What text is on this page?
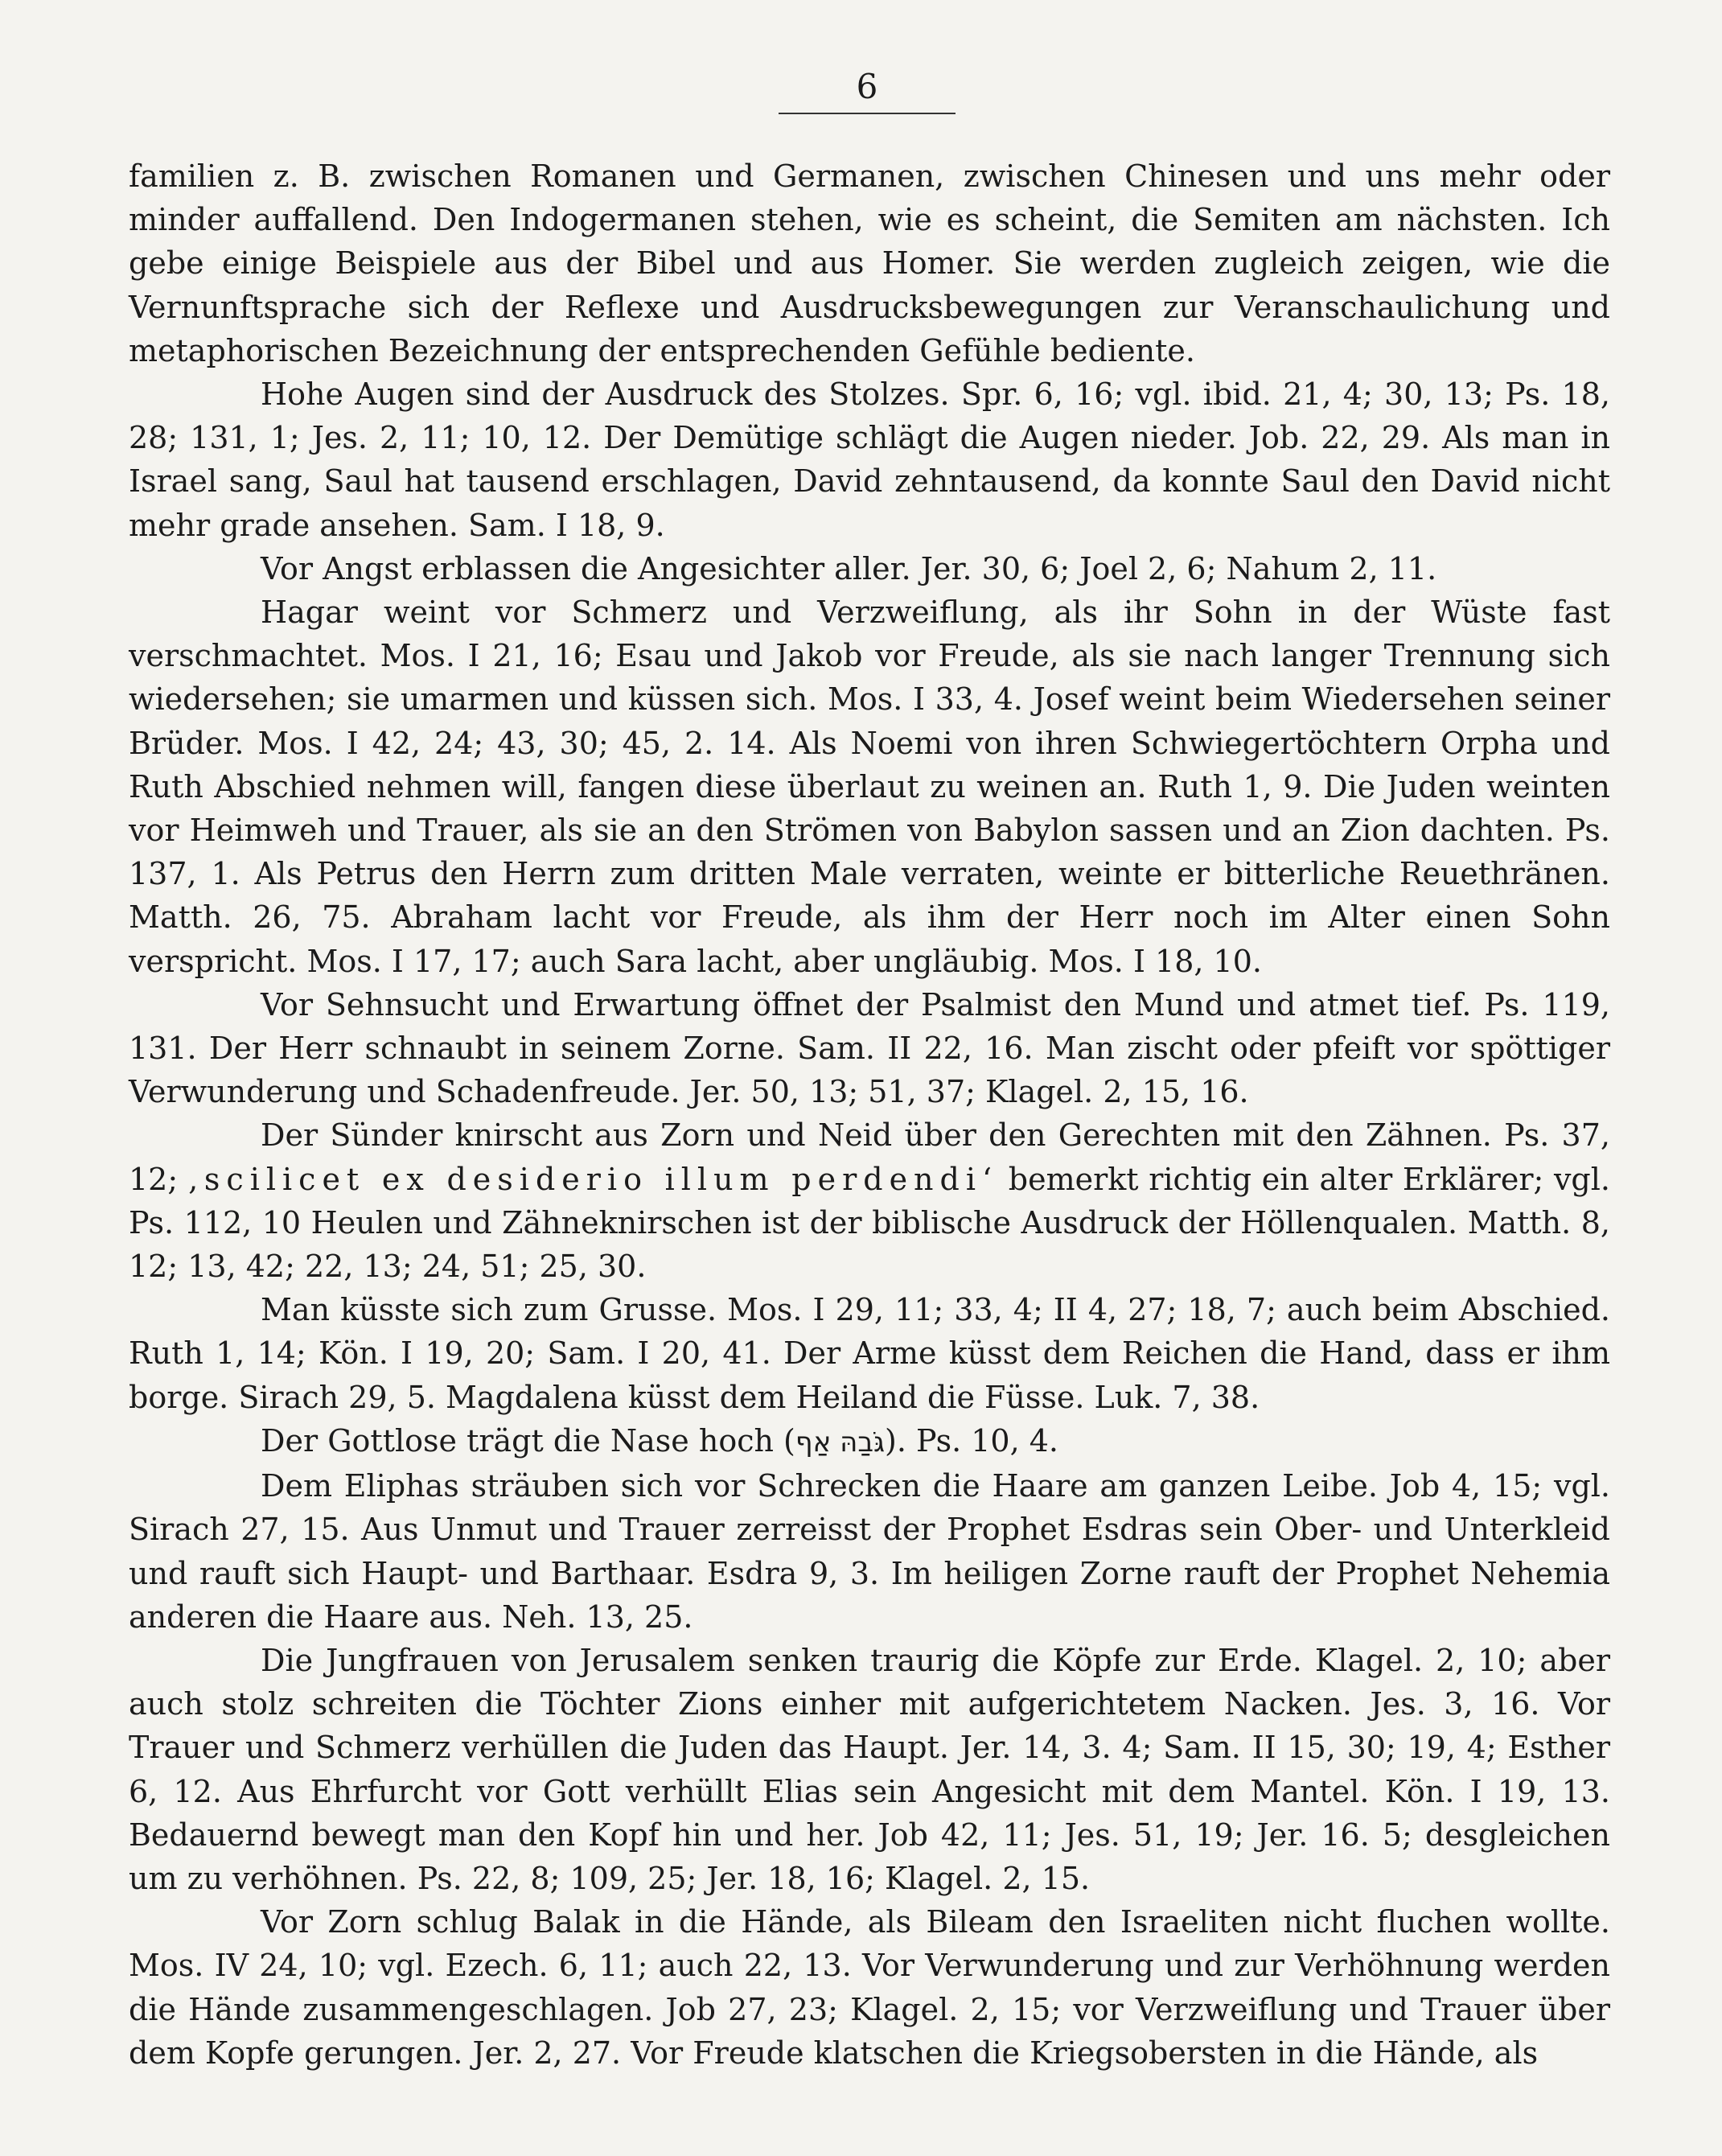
6

familien z. B. zwischen Romanen und Germanen, zwischen Chinesen und uns mehr oder minder auffallend. Den Indogermanen stehen, wie es scheint, die Semiten am nächsten. Ich gebe einige Beispiele aus der Bibel und aus Homer. Sie werden zugleich zeigen, wie die Vernunftsprache sich der Reflexe und Ausdrucksbewegungen zur Veranschaulichung und metaphorischen Bezeichnung der entsprechenden Gefühle bediente.

Hohe Augen sind der Ausdruck des Stolzes. Spr. 6, 16; vgl. ibid. 21, 4; 30, 13; Ps. 18, 28; 131, 1; Jes. 2, 11; 10, 12. Der Demütige schlägt die Augen nieder. Job. 22, 29. Als man in Israel sang, Saul hat tausend erschlagen, David zehntausend, da konnte Saul den David nicht mehr grade ansehen. Sam. I 18, 9.

Vor Angst erblassen die Angesichter aller. Jer. 30, 6; Joel 2, 6; Nahum 2, 11.

Hagar weint vor Schmerz und Verzweiflung, als ihr Sohn in der Wüste fast verschmachtet. Mos. I 21, 16; Esau und Jakob vor Freude, als sie nach langer Trennung sich wiedersehen; sie umarmen und küssen sich. Mos. I 33, 4. Josef weint beim Wiedersehen seiner Brüder. Mos. I 42, 24; 43, 30; 45, 2. 14. Als Noemi von ihren Schwiegertöchtern Orpha und Ruth Abschied nehmen will, fangen diese überlaut zu weinen an. Ruth 1, 9. Die Juden weinten vor Heimweh und Trauer, als sie an den Strömen von Babylon sassen und an Zion dachten. Ps. 137, 1. Als Petrus den Herrn zum dritten Male verraten, weinte er bitterliche Reuethränen. Matth. 26, 75. Abraham lacht vor Freude, als ihm der Herr noch im Alter einen Sohn verspricht. Mos. I 17, 17; auch Sara lacht, aber ungläubig. Mos. I 18, 10.

Vor Sehnsucht und Erwartung öffnet der Psalmist den Mund und atmet tief. Ps. 119, 131. Der Herr schnaubt in seinem Zorne. Sam. II 22, 16. Man zischt oder pfeift vor spöttiger Verwunderung und Schadenfreude. Jer. 50, 13; 51, 37; Klagel. 2, 15, 16.

Der Sünder knirscht aus Zorn und Neid über den Gerechten mit den Zähnen. Ps. 37, 12; ‚scilicet ex desiderio illum perdendi‘ bemerkt richtig ein alter Erklärer; vgl. Ps. 112, 10 Heulen und Zähneknirschen ist der biblische Ausdruck der Höllenqualen. Matth. 8, 12; 13, 42; 22, 13; 24, 51; 25, 30.

Man küsste sich zum Grusse. Mos. I 29, 11; 33, 4; II 4, 27; 18, 7; auch beim Abschied. Ruth 1, 14; Kön. I 19, 20; Sam. I 20, 41. Der Arme küsst dem Reichen die Hand, dass er ihm borge. Sirach 29, 5. Magdalena küsst dem Heiland die Füsse. Luk. 7, 38.

Der Gottlose trägt die Nase hoch (גֹּבַהּ אַף). Ps. 10, 4.

Dem Eliphas sträuben sich vor Schrecken die Haare am ganzen Leibe. Job 4, 15; vgl. Sirach 27, 15. Aus Unmut und Trauer zerreisst der Prophet Esdras sein Ober- und Unterkleid und rauft sich Haupt- und Barthaar. Esdra 9, 3. Im heiligen Zorne rauft der Prophet Nehemia anderen die Haare aus. Neh. 13, 25.

Die Jungfrauen von Jerusalem senken traurig die Köpfe zur Erde. Klagel. 2, 10; aber auch stolz schreiten die Töchter Zions einher mit aufgerichtetem Nacken. Jes. 3, 16. Vor Trauer und Schmerz verhüllen die Juden das Haupt. Jer. 14, 3. 4; Sam. II 15, 30; 19, 4; Esther 6, 12. Aus Ehrfurcht vor Gott verhüllt Elias sein Angesicht mit dem Mantel. Kön. I 19, 13. Bedauernd bewegt man den Kopf hin und her. Job 42, 11; Jes. 51, 19; Jer. 16. 5; desgleichen um zu verhöhnen. Ps. 22, 8; 109, 25; Jer. 18, 16; Klagel. 2, 15.

Vor Zorn schlug Balak in die Hände, als Bileam den Israeliten nicht fluchen wollte. Mos. IV 24, 10; vgl. Ezech. 6, 11; auch 22, 13. Vor Verwunderung und zur Verhöhnung werden die Hände zusammengeschlagen. Job 27, 23; Klagel. 2, 15; vor Verzweiflung und Trauer über dem Kopfe gerungen. Jer. 2, 27. Vor Freude klatschen die Kriegsobersten in die Hände, als
